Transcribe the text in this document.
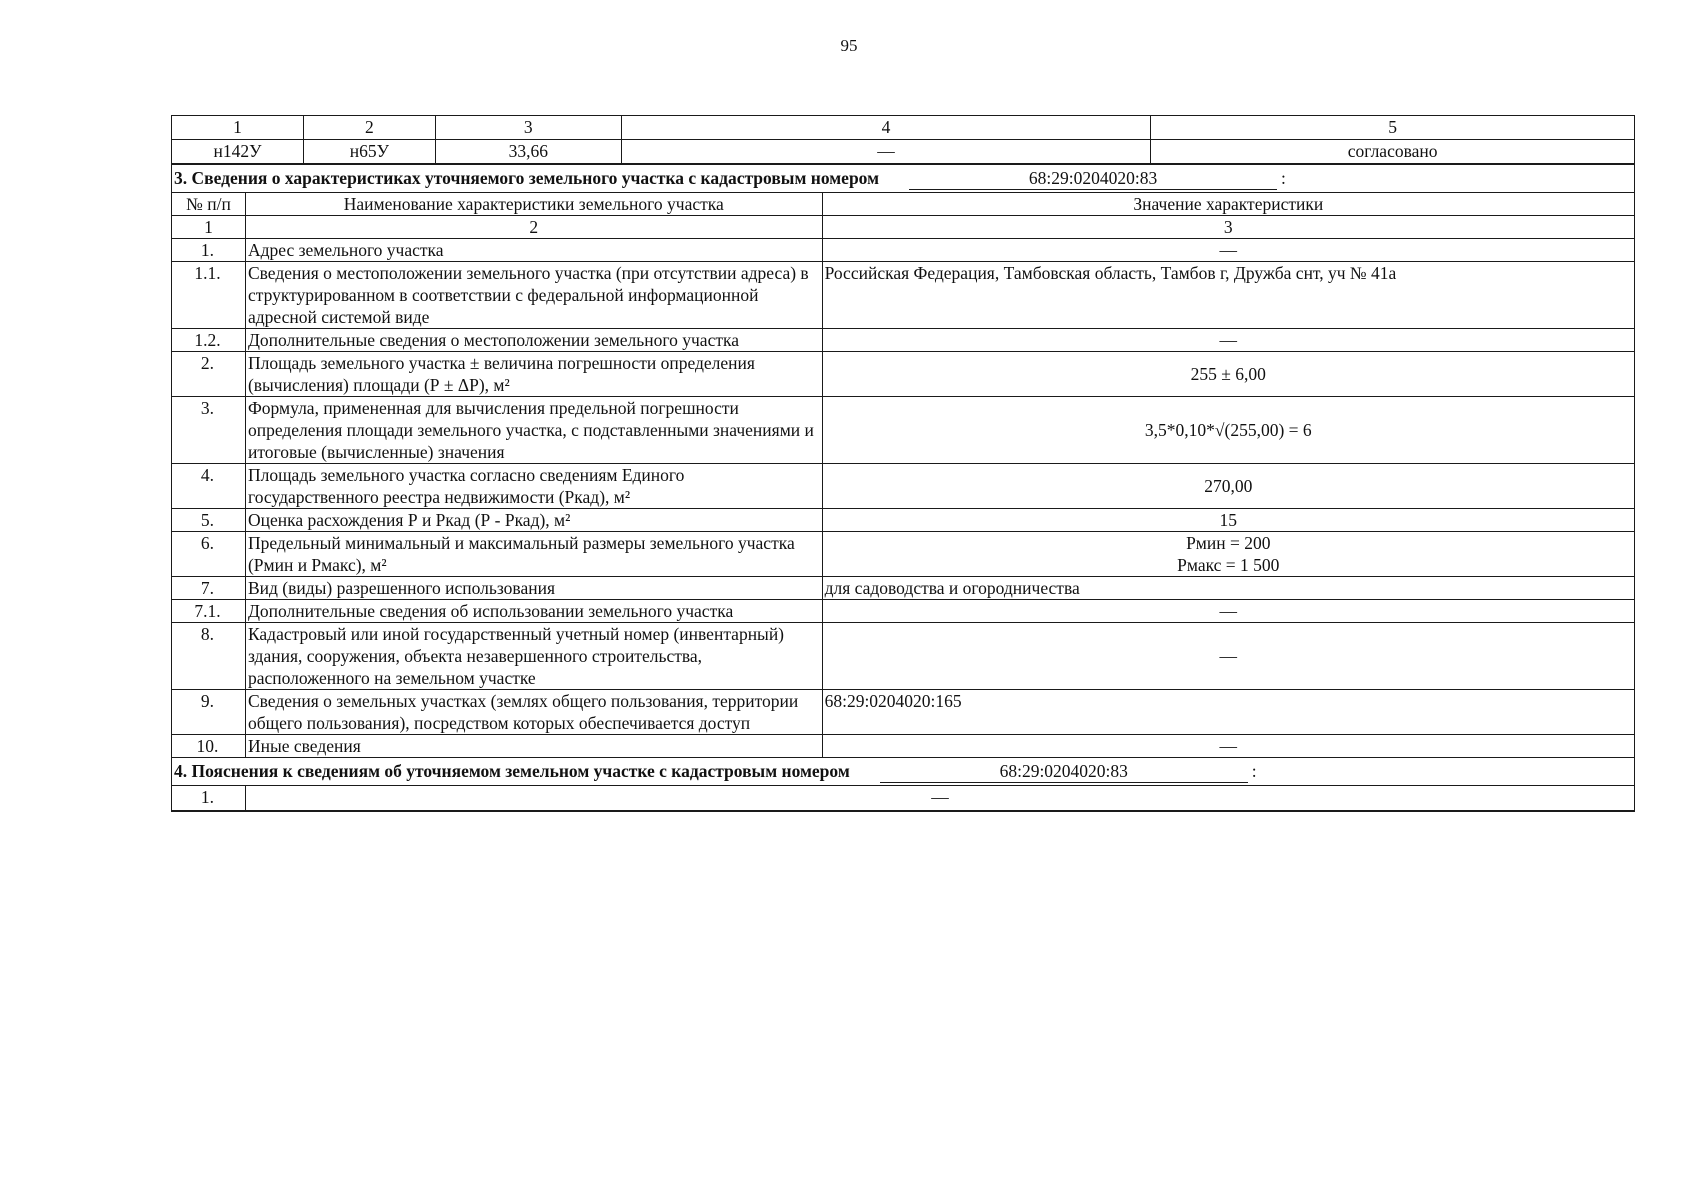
95
1	2	3	4	5
н142У	н65У	33,66	—	согласовано
3. Сведения о характеристиках уточняемого земельного участка с кадастровым номером 68:29:0204020:83 :		
№ п/п	Наименование характеристики земельного участка	Значение характеристики
1	2	3
1.	Адрес земельного участка	—
1.1.	Сведения о местоположении земельного участка (при отсутствии адреса) в структурированном в соответствии с федеральной информационной адресной системой виде	Российская Федерация, Тамбовская область, Тамбов г, Дружба снт, уч № 41а
1.2.	Дополнительные сведения о местоположении земельного участка	—
2.	Площадь земельного участка ± величина погрешности определения (вычисления) площади (Р ± ΔР), м²	255 ± 6,00
3.	Формула, примененная для вычисления предельной погрешности определения площади земельного участка, с подставленными значениями и итоговые (вычисленные) значения	3,5*0,10*√(255,00) = 6
4.	Площадь земельного участка согласно сведениям Единого государственного реестра недвижимости (Ркад), м²	270,00
5.	Оценка расхождения Р и Ркад (Р - Ркад), м²	15
6.	Предельный минимальный и максимальный размеры земельного участка (Рмин и Рмакс), м²	Рмин = 200
Рмакс = 1 500

7.	Вид (виды) разрешенного использования	для садоводства и огородничества
7.1.	Дополнительные сведения об использовании земельного участка	—
8.	Кадастровый или иной государственный учетный номер (инвентарный) здания, сооружения, объекта незавершенного строительства, расположенного на земельном участке	—
9.	Сведения о земельных участках (землях общего пользования, территории общего пользования), посредством которых обеспечивается доступ	68:29:0204020:165
10.	Иные сведения	—
4. Пояснения к сведениям об уточняемом земельном участке с кадастровым номером 68:29:0204020:83 :		
1.	—	
